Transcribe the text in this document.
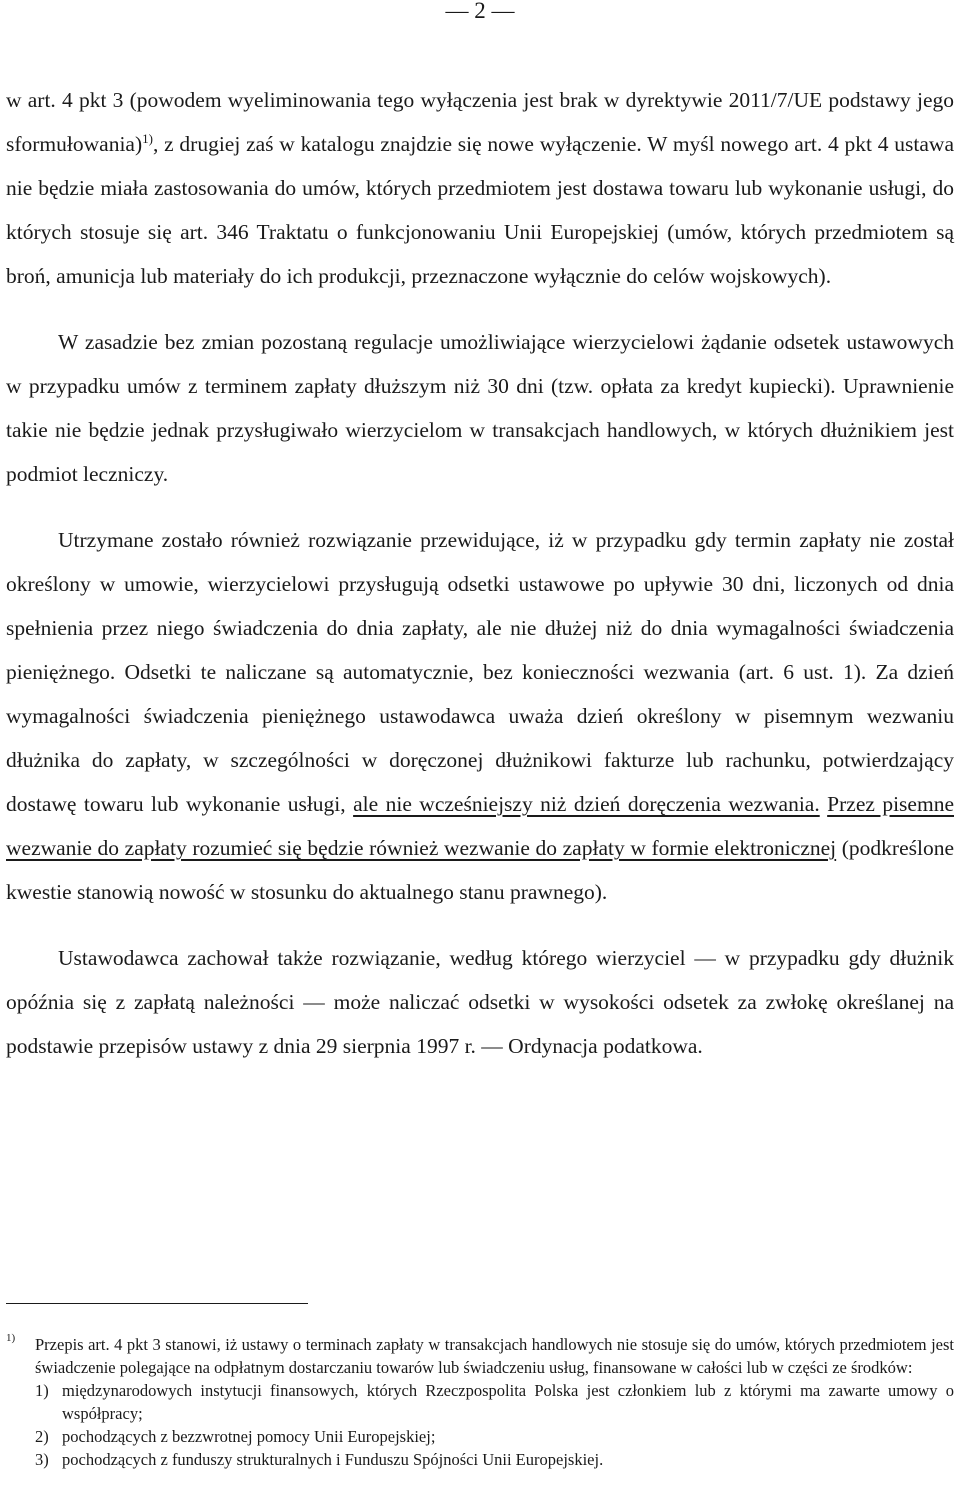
— 2 —

w art. 4 pkt 3 (powodem wyeliminowania tego wyłączenia jest brak w dyrektywie 2011/7/UE podstawy jego sformułowania)$^{1)}$, z drugiej zaś w katalogu znajdzie się nowe wyłączenie. W myśl nowego art. 4 pkt 4 ustawa nie będzie miała zastosowania do umów, których przedmiotem jest dostawa towaru lub wykonanie usługi, do których stosuje się art. 346 Traktatu o funkcjonowaniu Unii Europejskiej (umów, których przedmiotem są broń, amunicja lub materiały do ich produkcji, przeznaczone wyłącznie do celów wojskowych).

W zasadzie bez zmian pozostaną regulacje umożliwiające wierzycielowi żądanie odsetek ustawowych w przypadku umów z terminem zapłaty dłuższym niż 30 dni (tzw. opłata za kredyt kupiecki). Uprawnienie takie nie będzie jednak przysługiwało wierzycielom w transakcjach handlowych, w których dłużnikiem jest podmiot leczniczy.

Utrzymane zostało również rozwiązanie przewidujące, iż w przypadku gdy termin zapłaty nie został określony w umowie, wierzycielowi przysługują odsetki ustawowe po upływie 30 dni, liczonych od dnia spełnienia przez niego świadczenia do dnia zapłaty, ale nie dłużej niż do dnia wymagalności świadczenia pieniężnego. Odsetki te naliczane są automatycznie, bez konieczności wezwania (art. 6 ust. 1). Za dzień wymagalności świadczenia pieniężnego ustawodawca uważa dzień określony w pisemnym wezwaniu dłużnika do zapłaty, w szczególności w doręczonej dłużnikowi fakturze lub rachunku, potwierdzający dostawę towaru lub wykonanie usługi, ale nie wcześniejszy niż dzień doręczenia wezwania. Przez pisemne wezwanie do zapłaty rozumieć się będzie również wezwanie do zapłaty w formie elektronicznej (podkreślone kwestie stanowią nowość w stosunku do aktualnego stanu prawnego).

Ustawodawca zachował także rozwiązanie, według którego wierzyciel — w przypadku gdy dłużnik opóźnia się z zapłatą należności — może naliczać odsetki w wysokości odsetek za zwłokę określanej na podstawie przepisów ustawy z dnia 29 sierpnia 1997 r. — Ordynacja podatkowa.

1) Przepis art. 4 pkt 3 stanowi, iż ustawy o terminach zapłaty w transakcjach handlowych nie stosuje się do umów, których przedmiotem jest świadczenie polegające na odpłatnym dostarczaniu towarów lub świadczeniu usług, finansowane w całości lub w części ze środków:
1) międzynarodowych instytucji finansowych, których Rzeczpospolita Polska jest członkiem lub z którymi ma zawarte umowy o współpracy;
2) pochodzących z bezzwrotnej pomocy Unii Europejskiej;
3) pochodzących z funduszy strukturalnych i Funduszu Spójności Unii Europejskiej.
